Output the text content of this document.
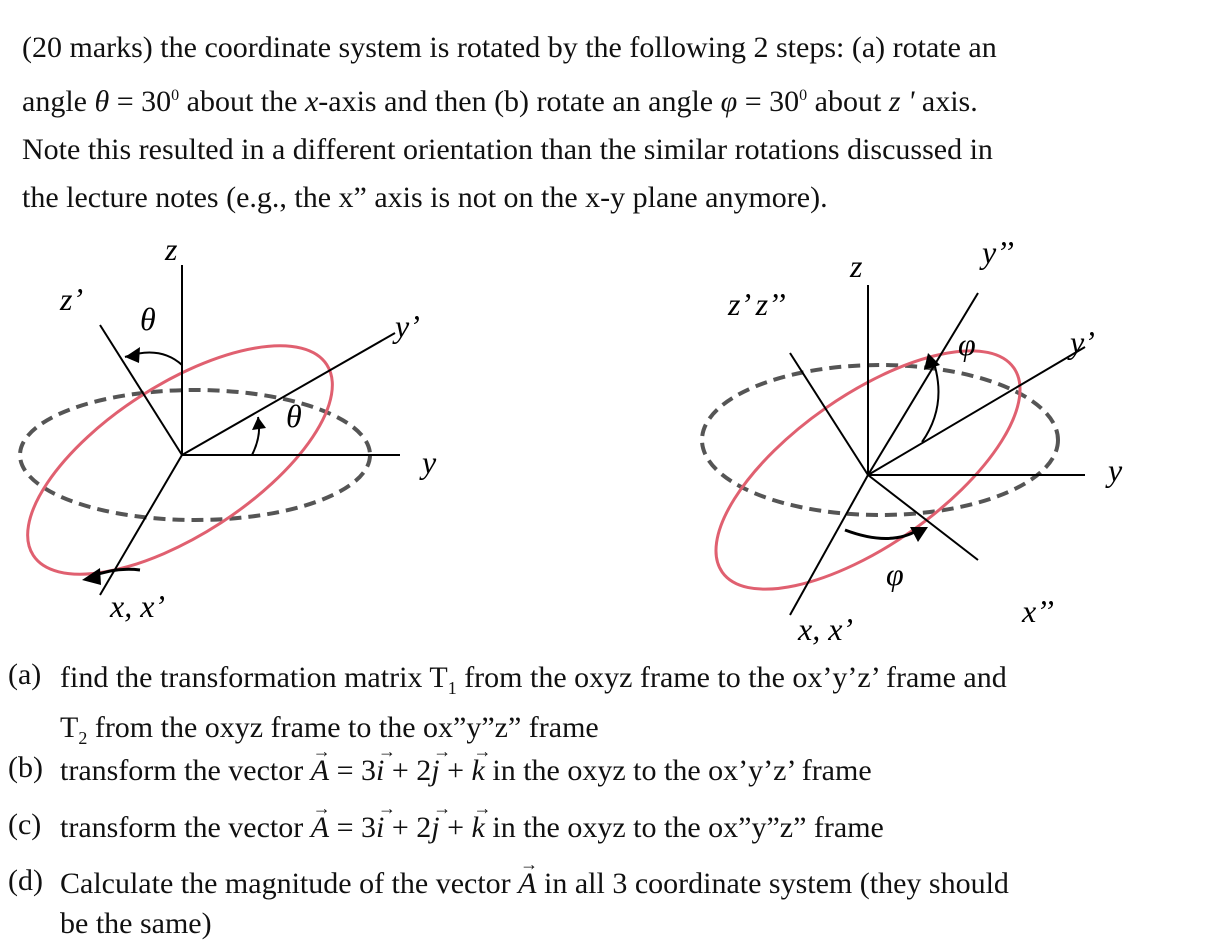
(20 marks) the coordinate system is rotated by the following 2 steps: (a) rotate an
angle $\theta = 30^0$ about the x-axis and then (b) rotate an angle $\varphi = 30^0$ about z ' axis.
Note this resulted in a different orientation than the similar rotations discussed in
the lecture notes (e.g., the x” axis is not on the x-y plane anymore).
z
z’
θ	y’
θ
y
x, x’
z
z’ z’’
y’’
φ	y’
y
φ
x, x’	x’’
(a) find the transformation matrix $T_1$ from the oxyz frame to the ox’y’z’ frame and
$T_2$ from the oxyz frame to the ox”y”z” frame
(b) transform the vector → A = 3→ i + 2→ j + → k in the oxyz to the ox’y’z’ frame
(c) transform the vector → A = 3→ i + 2→ j + → k in the oxyz to the ox”y”z” frame
(d) Calculate the magnitude of the vector → A in all 3 coordinate system (they should
be the same)
